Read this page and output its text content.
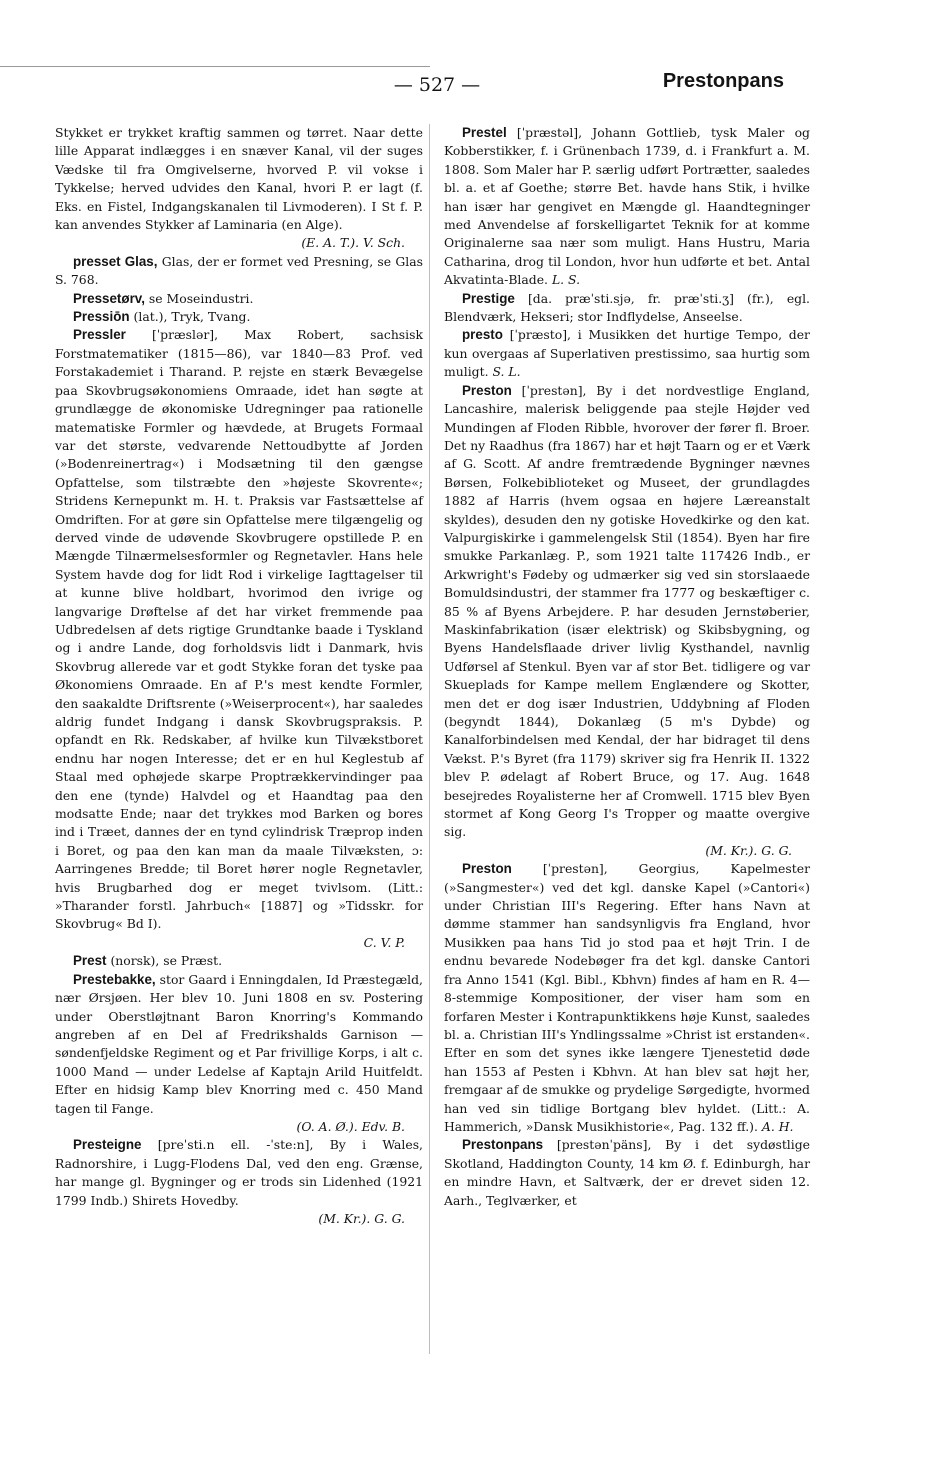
— 527 —	Prestonpans

Stykket er trykket kraftig sammen og tørret. Naar dette lille Apparat indlægges i en snæver Kanal, vil der suges Vædske til fra Omgivelserne, hvorved P. vil vokse i Tykkelse; herved udvides den Kanal, hvori P. er lagt (f. Eks. en Fistel, Indgangskanalen til Livmoderen). I St f. P. kan anvendes Stykker af Laminaria (en Alge).
(E. A. T.). V. Sch.

presset Glas, Glas, der er formet ved Presning, se Glas S. 768.

Pressetørv, se Moseindustri.

Pressiōn (lat.), Tryk, Tvang.

Pressler [ˈpræslər], Max Robert, sachsisk Forstmatematiker (1815—86), var 1840—83 Prof. ved Forstakademiet i Tharand. P. rejste en stærk Bevægelse paa Skovbrugsøkonomiens Omraade, idet han søgte at grundlægge de økonomiske Udregninger paa rationelle matematiske Formler og hævdede, at Brugets Formaal var det største, vedvarende Nettoudbytte af Jorden (»Bodenreinertrag«) i Modsætning til den gængse Opfattelse, som tilstræbte den »højeste Skovrente«; Stridens Kernepunkt m. H. t. Praksis var Fastsættelse af Omdriften. For at gøre sin Opfattelse mere tilgængelig og derved vinde de udøvende Skovbrugere opstillede P. en Mængde Tilnærmelsesformler og Regnetavler. Hans hele System havde dog for lidt Rod i virkelige Iagttagelser til at kunne blive holdbart, hvorimod den ivrige og langvarige Drøftelse af det har virket fremmende paa Udbredelsen af dets rigtige Grundtanke baade i Tyskland og i andre Lande, dog forholdsvis lidt i Danmark, hvis Skovbrug allerede var et godt Stykke foran det tyske paa Økonomiens Omraade. En af P.'s mest kendte Formler, den saakaldte Driftsrente (»Weiserprocent«), har saaledes aldrig fundet Indgang i dansk Skovbrugspraksis. P. opfandt en Rk. Redskaber, af hvilke kun Tilvækstboret endnu har nogen Interesse; det er en hul Keglestub af Staal med ophøjede skarpe Proptrækkervindinger paa den ene (tynde) Halvdel og et Haandtag paa den modsatte Ende; naar det trykkes mod Barken og bores ind i Træet, dannes der en tynd cylindrisk Træprop inden i Boret, og paa den kan man da maale Tilvæksten, ɔ: Aarringenes Bredde; til Boret hører nogle Regnetavler, hvis Brugbarhed dog er meget tvivlsom. (Litt.: »Tharander forstl. Jahrbuch« [1887] og »Tidsskr. for Skovbrug« Bd I).
C. V. P.

Prest (norsk), se Præst.

Prestebakke, stor Gaard i Enningdalen, Id Præstegæld, nær Ørsjøen. Her blev 10. Juni 1808 en sv. Postering under Oberstløjtnant Baron Knorring's Kommando angreben af en Del af Fredrikshalds Garnison — søndenfjeldske Regiment og et Par frivillige Korps, i alt c. 1000 Mand — under Ledelse af Kaptajn Arild Huitfeldt. Efter en hidsig Kamp blev Knorring med c. 450 Mand tagen til Fange.
(O. A. Ø.). Edv. B.

Presteigne [preˈsti.n ell. -ˈste:n], By i Wales, Radnorshire, i Lugg-Flodens Dal, ved den eng. Grænse, har mange gl. Bygninger og er trods sin Lidenhed (1921 1799 Indb.) Shirets Hovedby.
(M. Kr.). G. G.

Prestel [ˈpræstəl], Johann Gottlieb, tysk Maler og Kobberstikker, f. i Grünenbach 1739, d. i Frankfurt a. M. 1808. Som Maler har P. særlig udført Portrætter, saaledes bl. a. et af Goethe; større Bet. havde hans Stik, i hvilke han især har gengivet en Mængde gl. Haandtegninger med Anvendelse af forskelligartet Teknik for at komme Originalerne saa nær som muligt. Hans Hustru, Maria Catharina, drog til London, hvor hun udførte et bet. Antal Akvatinta-Blade. L. S.

Prestige [da. præˈsti.sjə, fr. præˈsti.ʒ] (fr.), egl. Blendværk, Hekseri; stor Indflydelse, Anseelse.

presto [ˈpræsto], i Musikken det hurtige Tempo, der kun overgaas af Superlativen prestissimo, saa hurtig som muligt. S. L.

Preston [ˈprestən], By i det nordvestlige England, Lancashire, malerisk beliggende paa stejle Højder ved Mundingen af Floden Ribble, hvorover der fører fl. Broer. Det ny Raadhus (fra 1867) har et højt Taarn og er et Værk af G. Scott. Af andre fremtrædende Bygninger nævnes Børsen, Folkebiblioteket og Museet, der grundlagdes 1882 af Harris (hvem ogsaa en højere Læreanstalt skyldes), desuden den ny gotiske Hovedkirke og den kat. Valpurgiskirke i gammelengelsk Stil (1854). Byen har fire smukke Parkanlæg. P., som 1921 talte 117426 Indb., er Arkwright's Fødeby og udmærker sig ved sin storslaaede Bomuldsindustri, der stammer fra 1777 og beskæftiger c. 85 % af Byens Arbejdere. P. har desuden Jernstøberier, Maskinfabrikation (især elektrisk) og Skibsbygning, og Byens Handelsflaade driver livlig Kysthandel, navnlig Udførsel af Stenkul. Byen var af stor Bet. tidligere og var Skueplads for Kampe mellem Englændere og Skotter, men det er dog især Industrien, Uddybning af Floden (begyndt 1844), Dokanlæg (5 m's Dybde) og Kanalforbindelsen med Kendal, der har bidraget til dens Vækst. P.'s Byret (fra 1179) skriver sig fra Henrik II. 1322 blev P. ødelagt af Robert Bruce, og 17. Aug. 1648 besejredes Royalisterne her af Cromwell. 1715 blev Byen stormet af Kong Georg I's Tropper og maatte overgive sig.
(M. Kr.). G. G.

Preston [ˈprestən], Georgius, Kapelmester (»Sangmester«) ved det kgl. danske Kapel (»Cantori«) under Christian III's Regering. Efter hans Navn at dømme stammer han sandsynligvis fra England, hvor Musikken paa hans Tid jo stod paa et højt Trin. I de endnu bevarede Nodebøger fra det kgl. danske Cantori fra Anno 1541 (Kgl. Bibl., Kbhvn) findes af ham en R. 4—8-stemmige Kompositioner, der viser ham som en forfaren Mester i Kontrapunktikkens høje Kunst, saaledes bl. a. Christian III's Yndlingssalme »Christ ist erstanden«. Efter en som det synes ikke længere Tjenestetid døde han 1553 af Pesten i Kbhvn. At han blev sat højt her, fremgaar af de smukke og prydelige Sørgedigte, hvormed han ved sin tidlige Bortgang blev hyldet. (Litt.: A. Hammerich, »Dansk Musikhistorie«, Pag. 132 ff.). A. H.

Prestonpans [prestənˈpäns], By i det sydøstlige Skotland, Haddington County, 14 km Ø. f. Edinburgh, har en mindre Havn, et Saltværk, der er drevet siden 12. Aarh., Teglværker, et
